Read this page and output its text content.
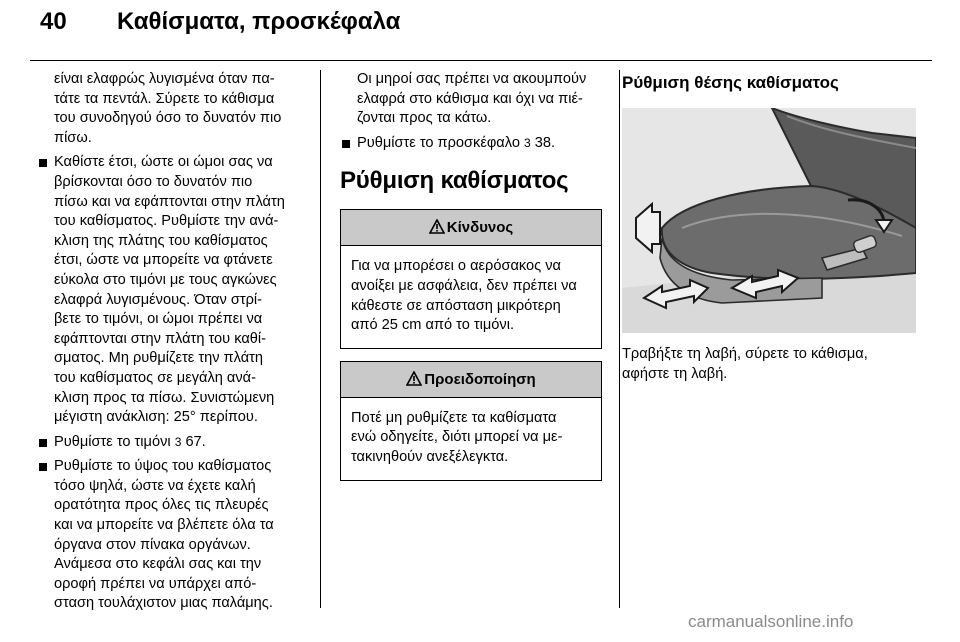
40 Καθίσματα, προσκέφαλα

είναι ελαφρώς λυγισμένα όταν πα-

τάτε τα πεντάλ. Σύρετε το κάθισμα

του συνοδηγού όσο το δυνατόν πιο

πίσω.

Καθίστε έτσι, ώστε οι ώμοι σας να

βρίσκονται όσο το δυνατόν πιο

πίσω και να εφάπτονται στην πλάτη

του καθίσματος. Ρυθμίστε την ανά-

κλιση της πλάτης του καθίσματος

έτσι, ώστε να μπορείτε να φτάνετε

εύκολα στο τιμόνι με τους αγκώνες

ελαφρά λυγισμένους. Όταν στρί-

βετε το τιμόνι, οι ώμοι πρέπει να

εφάπτονται στην πλάτη του καθί-

σματος. Μη ρυθμίζετε την πλάτη

του καθίσματος σε μεγάλη ανά-

κλιση προς τα πίσω. Συνιστώμενη

μέγιστη ανάκλιση: 25° περίπου.

Ρυθμίστε το τιμόνι 3 67.

Ρυθμίστε το ύψος του καθίσματος

τόσο ψηλά, ώστε να έχετε καλή

ορατότητα προς όλες τις πλευρές

και να μπορείτε να βλέπετε όλα τα

όργανα στον πίνακα οργάνων.

Ανάμεσα στο κεφάλι σας και την

οροφή πρέπει να υπάρχει από-

σταση τουλάχιστον μιας παλάμης.

Οι μηροί σας πρέπει να ακουμπούν

ελαφρά στο κάθισμα και όχι να πιέ-

ζονται προς τα κάτω.

Ρυθμίστε το προσκέφαλο 3 38.

Ρύθμιση καθίσματος
Κίνδυνος

Για να μπορέσει ο αερόσακος να

ανοίξει με ασφάλεια, δεν πρέπει να

κάθεστε σε απόσταση μικρότερη

από 25 cm από το τιμόνι.

Προειδοποίηση

Ποτέ μη ρυθμίζετε τα καθίσματα

ενώ οδηγείτε, διότι μπορεί να με-

τακινηθούν ανεξέλεγκτα.

Ρύθμιση θέσης καθίσματος

Τραβήξτε τη λαβή, σύρετε το κάθισμα,

αφήστε τη λαβή.

carmanualsonline.info
